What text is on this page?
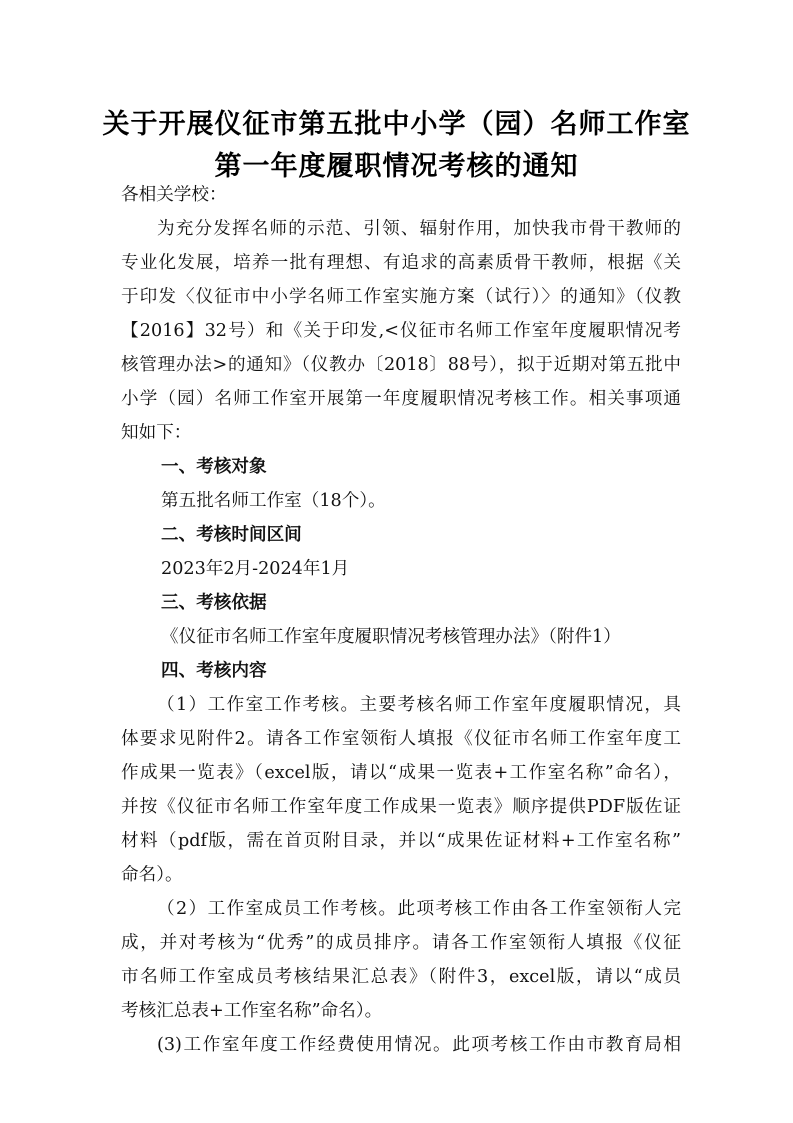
关于开展仪征市第五批中小学（园）名师工作室
第一年度履职情况考核的通知
各相关学校：
为充分发挥名师的示范、引领、辐射作用，加快我市骨干教师的
专业化发展，培养一批有理想、有追求的高素质骨干教师，根据《关
于印发〈仪征市中小学名师工作室实施方案（试行）〉的通知》（仪教
【2016】32号）和《关于印发,<仪征市名师工作室年度履职情况考
核管理办法>的通知》（仪教办〔2018〕88号），拟于近期对第五批中
小学（园）名师工作室开展第一年度履职情况考核工作。相关事项通
知如下：
一、考核对象
第五批名师工作室（18个）。
二、考核时间区间
2023年2月-2024年1月
三、考核依据
《仪征市名师工作室年度履职情况考核管理办法》（附件1）
四、考核内容
（1）工作室工作考核。主要考核名师工作室年度履职情况，具
体要求见附件2。请各工作室领衔人填报《仪征市名师工作室年度工
作成果一览表》（excel版，请以“成果一览表+工作室名称”命名），
并按《仪征市名师工作室年度工作成果一览表》顺序提供PDF版佐证
材料（pdf版，需在首页附目录，并以“成果佐证材料+工作室名称”
命名）。
（2）工作室成员工作考核。此项考核工作由各工作室领衔人完
成，并对考核为“优秀”的成员排序。请各工作室领衔人填报《仪征
市名师工作室成员考核结果汇总表》（附件3，excel版，请以“成员
考核汇总表+工作室名称”命名）。
(3)工作室年度工作经费使用情况。此项考核工作由市教育局相
